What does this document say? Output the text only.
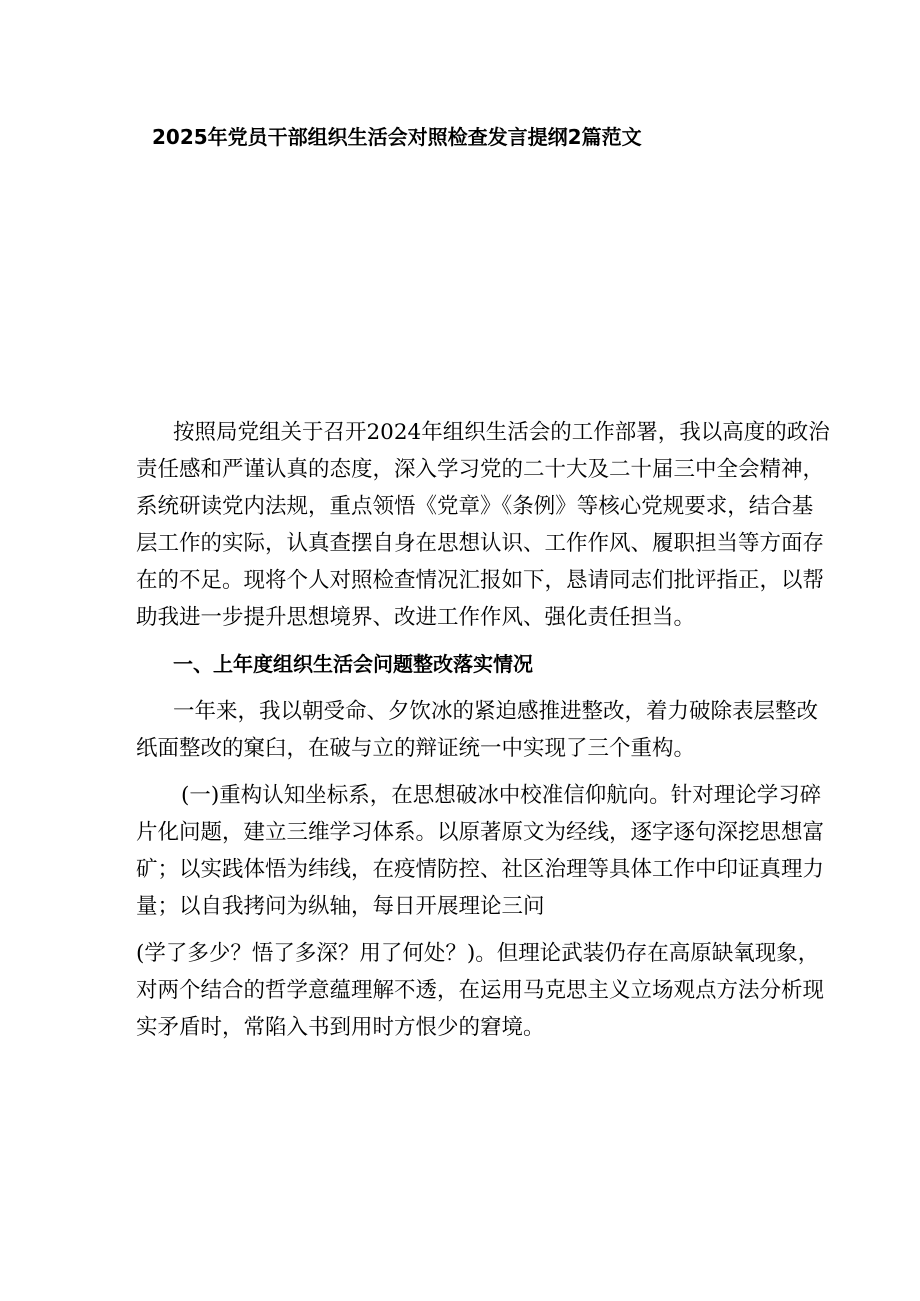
2025年党员干部组织生活会对照检查发言提纲2篇范文
按照局党组关于召开2024年组织生活会的工作部署，我以高度的政治
责任感和严谨认真的态度，深入学习党的二十大及二十届三中全会精神，
系统研读党内法规，重点领悟《党章》《条例》等核心党规要求，结合基
层工作的实际，认真查摆自身在思想认识、工作作风、履职担当等方面存
在的不足。现将个人对照检查情况汇报如下，恳请同志们批评指正，以帮
助我进一步提升思想境界、改进工作作风、强化责任担当。
一、上年度组织生活会问题整改落实情况
一年来，我以朝受命、夕饮冰的紧迫感推进整改，着力破除表层整改
纸面整改的窠臼，在破与立的辩证统一中实现了三个重构。
(一)重构认知坐标系，在思想破冰中校准信仰航向。针对理论学习碎
片化问题，建立三维学习体系。以原著原文为经线，逐字逐句深挖思想富
矿；以实践体悟为纬线，在疫情防控、社区治理等具体工作中印证真理力
量；以自我拷问为纵轴，每日开展理论三问
(学了多少？悟了多深？用了何处？)。但理论武装仍存在高原缺氧现象，
对两个结合的哲学意蕴理解不透，在运用马克思主义立场观点方法分析现
实矛盾时，常陷入书到用时方恨少的窘境。
